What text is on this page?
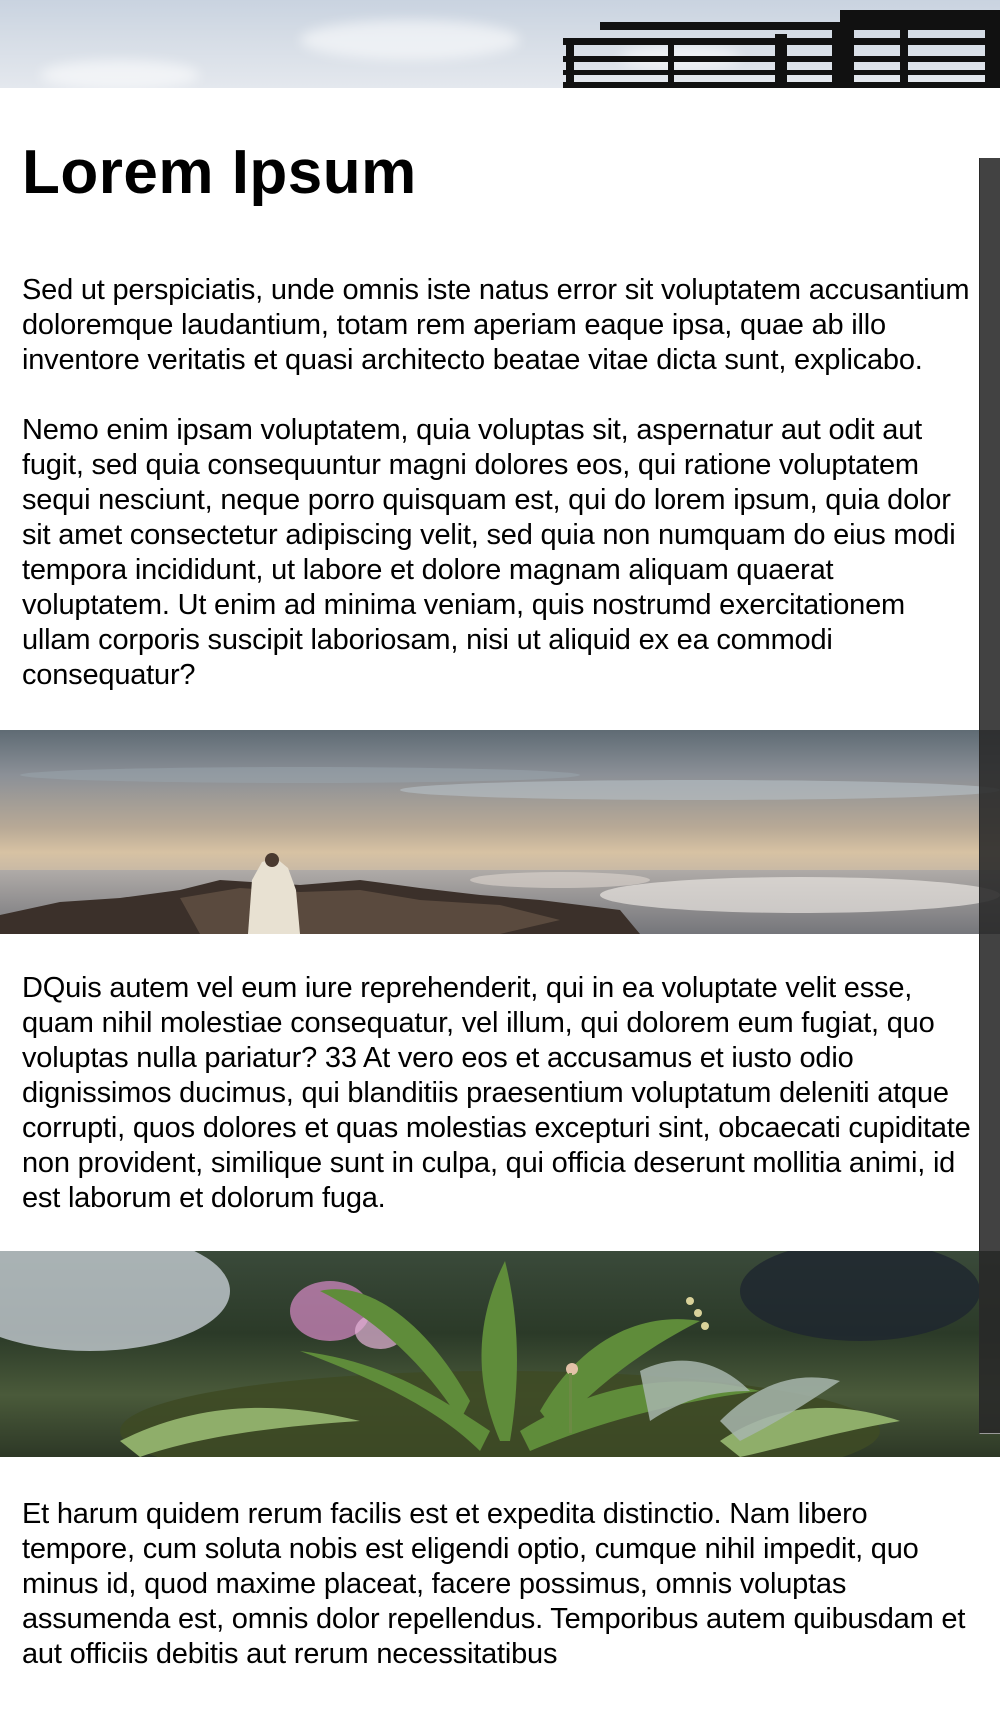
Lorem Ipsum

Sed ut perspiciatis, unde omnis iste natus error sit voluptatem accusantium doloremque laudantium, totam rem aperiam eaque ipsa, quae ab illo inventore veritatis et quasi architecto beatae vitae dicta sunt, explicabo.

Nemo enim ipsam voluptatem, quia voluptas sit, aspernatur aut odit aut fugit, sed quia consequuntur magni dolores eos, qui ratione voluptatem sequi nesciunt, neque porro quisquam est, qui do lorem ipsum, quia dolor sit amet consectetur adipiscing velit, sed quia non numquam do eius modi tempora incididunt, ut labore et dolore magnam aliquam quaerat voluptatem. Ut enim ad minima veniam, quis nostrumd exercitationem ullam corporis suscipit laboriosam, nisi ut aliquid ex ea commodi consequatur?

DQuis autem vel eum iure reprehenderit, qui in ea voluptate velit esse, quam nihil molestiae consequatur, vel illum, qui dolorem eum fugiat, quo voluptas nulla pariatur? 33 At vero eos et accusamus et iusto odio dignissimos ducimus, qui blanditiis praesentium voluptatum deleniti atque corrupti, quos dolores et quas molestias excepturi sint, obcaecati cupiditate non provident, similique sunt in culpa, qui officia deserunt mollitia animi, id est laborum et dolorum fuga.

Et harum quidem rerum facilis est et expedita distinctio. Nam libero tempore, cum soluta nobis est eligendi optio, cumque nihil impedit, quo minus id, quod maxime placeat, facere possimus, omnis voluptas assumenda est, omnis dolor repellendus. Temporibus autem quibusdam et aut officiis debitis aut rerum necessitatibus
